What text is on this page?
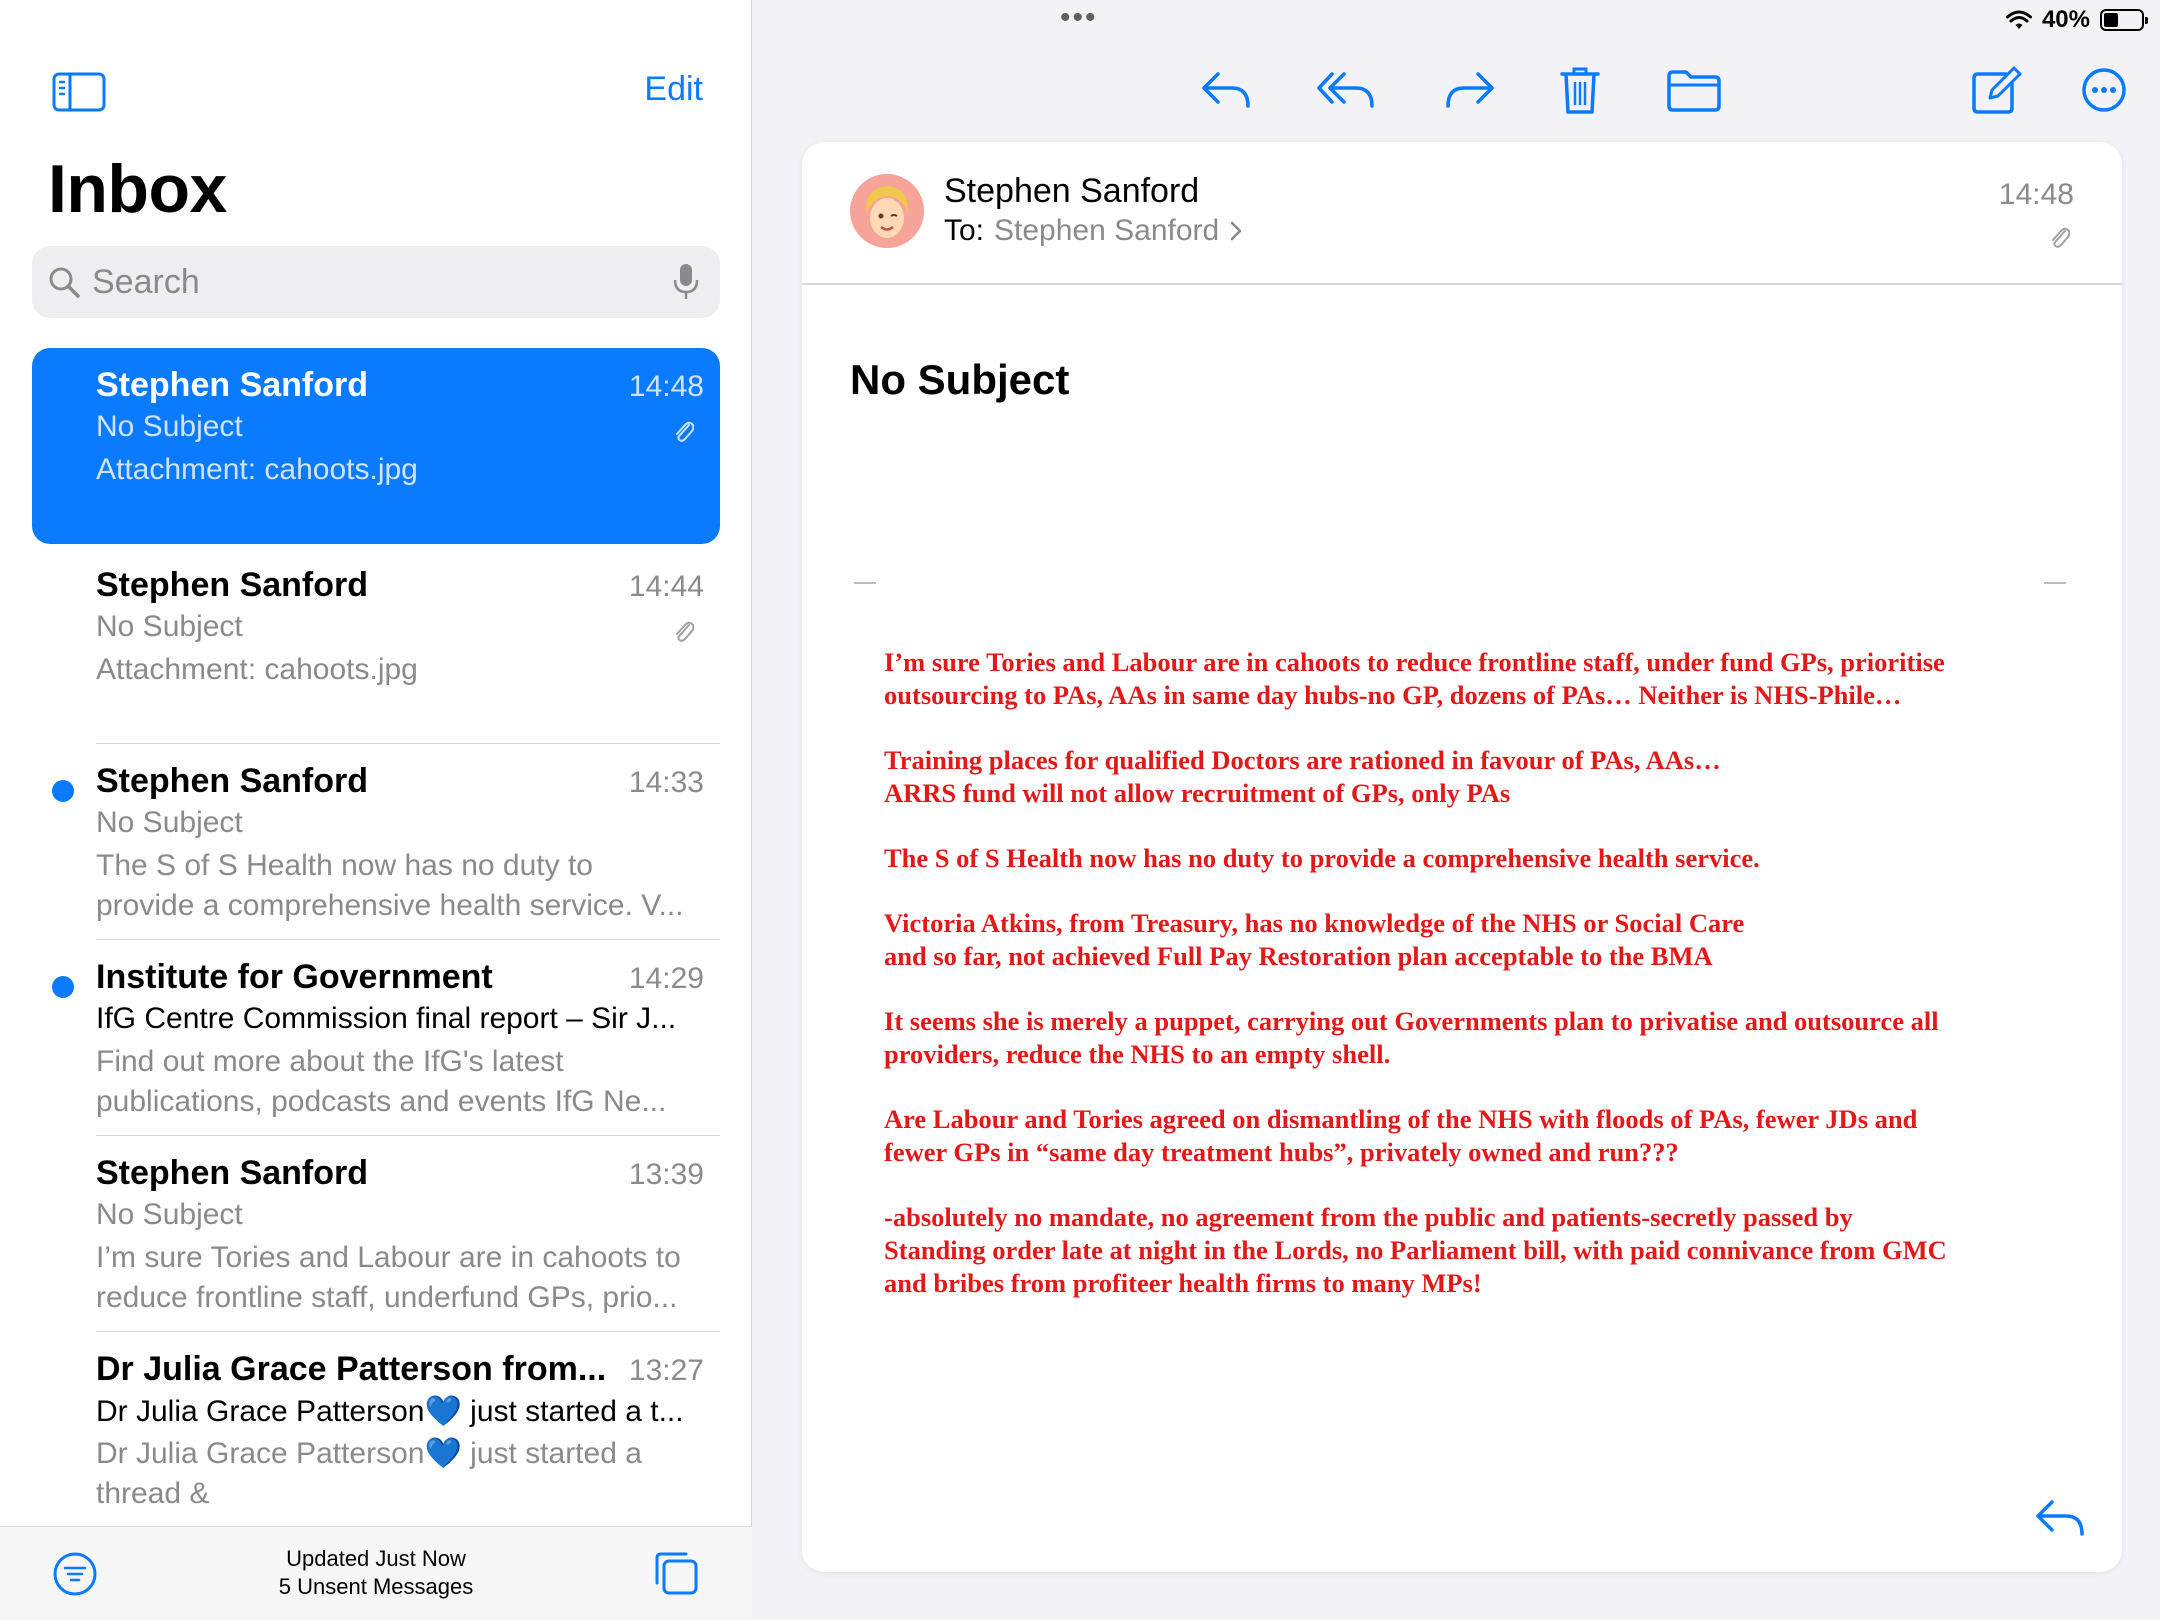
•••	40%
Edit
Inbox
Search
Stephen Sanford	14:48
No Subject
Attachment: cahoots.jpg
Stephen Sanford	14:44
No Subject
Attachment: cahoots.jpg
Stephen Sanford	14:33
No Subject
The S of S Health now has no duty to
provide a comprehensive health service. V...
Institute for Government	14:29
IfG Centre Commission final report – Sir J...
Find out more about the IfG's latest
publications, podcasts and events IfG Ne...
Stephen Sanford	13:39
No Subject
I’m sure Tories and Labour are in cahoots to
reduce frontline staff, underfund GPs, prio...
Dr Julia Grace Patterson from... 13:27
Dr Julia Grace Patterson💙 just started a t...
Dr Julia Grace Patterson💙 just started a
thread &
Updated Just Now
5 Unsent Messages
Stephen Sanford
To: Stephen Sanford
14:48
No Subject

I’m sure Tories and Labour are in cahoots to reduce frontline staff, under fund GPs, prioritise
outsourcing to PAs, AAs in same day hubs-no GP, dozens of PAs… Neither is NHS-Phile…

Training places for qualified Doctors are rationed in favour of PAs, AAs…
ARRS fund will not allow recruitment of GPs, only PAs

The S of S Health now has no duty to provide a comprehensive health service.

Victoria Atkins, from Treasury, has no knowledge of the NHS or Social Care
and so far, not achieved Full Pay Restoration plan acceptable to the BMA

It seems she is merely a puppet, carrying out Governments plan to privatise and outsource all
providers, reduce the NHS to an empty shell.

Are Labour and Tories agreed on dismantling of the NHS with floods of PAs, fewer JDs and
fewer GPs in “same day treatment hubs”, privately owned and run???

-absolutely no mandate, no agreement from the public and patients-secretly passed by
Standing order late at night in the Lords, no Parliament bill, with paid connivance from GMC
and bribes from profiteer health firms to many MPs!
